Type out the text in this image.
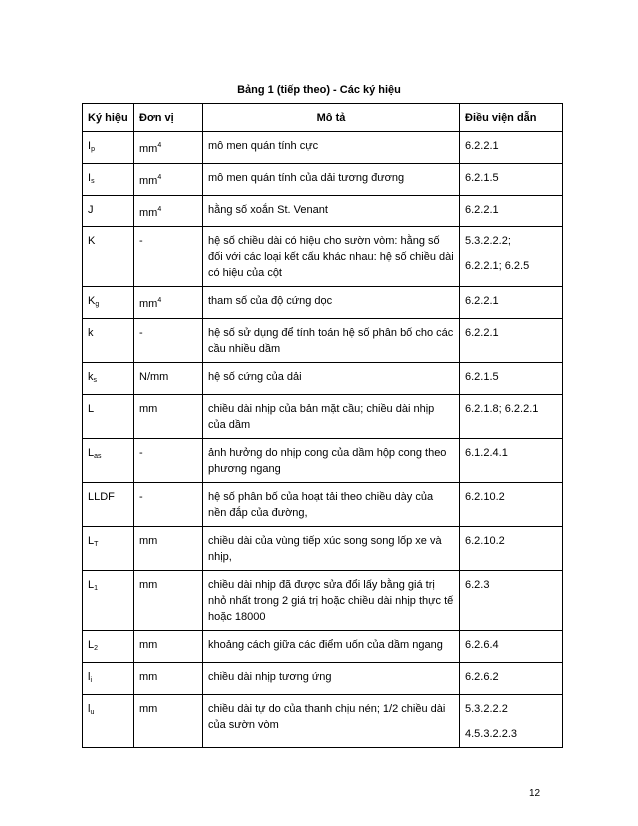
Bảng 1 (tiếp theo) - Các ký hiệu
Ký hiệu	Đơn vị	Mô tả	Điều viện dẫn
$I_p$	$mm^4$	mô men quán tính cực	6.2.2.1

$I_s$	$mm^4$	mô men quán tính của dải tương đương	6.2.1.5

J	$mm^4$	hằng số xoắn St. Venant	6.2.2.1

K	-	hệ số chiều dài có hiệu cho sườn vòm: hằng số đối với các loại kết cấu khác nhau: hệ số chiều dài có hiệu của cột	5.3.2.2.2;
6.2.2.1; 6.2.5

$K_g$	$mm^4$	tham số của độ cứng dọc	6.2.2.1

k	-	hệ số sử dụng để tính toán hệ số phân bố cho các cầu nhiều dầm	6.2.2.1

$k_s$	N/mm	hệ số cứng của dải	6.2.1.5

L	mm	chiều dài nhịp của bản mặt cầu; chiều dài nhịp của dầm	6.2.1.8; 6.2.2.1

$L_{as}$	-	ảnh hưởng do nhịp cong của dầm hộp cong theo phương ngang	6.1.2.4.1

LLDF	-	hệ số phân bố của hoạt tải theo chiều dày của nền đắp của đường,	6.2.10.2

$L_T$	mm	chiều dài của vùng tiếp xúc song song lốp xe và nhịp,	6.2.10.2

$L_1$	mm	chiều dài nhịp đã được sửa đổi lấy bằng giá trị nhỏ nhất trong 2 giá trị hoặc chiều dài nhịp thực tế hoặc 18000	6.2.3

$L_2$	mm	khoảng cách giữa các điểm uốn của dầm ngang	6.2.6.4

$l_i$	mm	chiều dài nhịp tương ứng	6.2.6.2

$l_u$	mm	chiều dài tự do của thanh chịu nén; 1/2 chiều dài của sườn vòm	5.3.2.2.2
4.5.3.2.2.3
12
